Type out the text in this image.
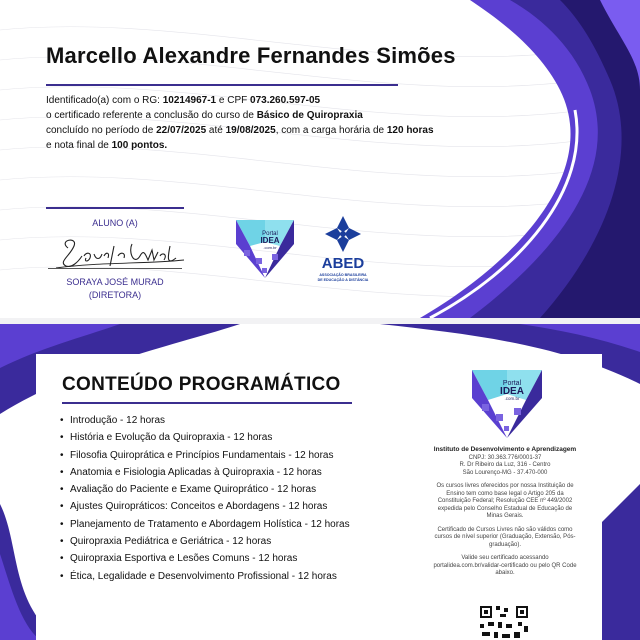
Marcello Alexandre Fernandes Simões
Identificado(a) com o RG: 10214967-1 e CPF 073.260.597-05
o certificado referente a conclusão do curso de Básico de Quiropraxia
concluído no período de 22/07/2025 até 19/08/2025, com a carga horária de 120 horas
e nota final de 100 pontos.
ALUNO (A)
SORAYA JOSÉ MURAD
(DIRETORA)
Portal
IDEA
.com.br
ABED
ASSOCIAÇÃO BRASILEIRA
DE EDUCAÇÃO A DISTÂNCIA
CONTEÚDO PROGRAMÁTICO
• Introdução - 12 horas
• História e Evolução da Quiropraxia - 12 horas
• Filosofia Quiroprática e Princípios Fundamentais - 12 horas
• Anatomia e Fisiologia Aplicadas à Quiropraxia - 12 horas
• Avaliação do Paciente e Exame Quiroprático - 12 horas
• Ajustes Quiropráticos: Conceitos e Abordagens - 12 horas
• Planejamento de Tratamento e Abordagem Holística - 12 horas
• Quiropraxia Pediátrica e Geriátrica - 12 horas
• Quiropraxia Esportiva e Lesões Comuns - 12 horas
• Ética, Legalidade e Desenvolvimento Profissional - 12 horas
Portal
IDEA
.com.br

Instituto de Desenvolvimento e Aprendizagem
CNPJ: 30.363.776/0001-37
R. Dr Ribeiro da Luz, 316 - Centro
São Lourenço-MG - 37.470-000

Os cursos livres oferecidos por nossa Instituição de Ensino tem como base legal o Artigo 205 da Constituição Federal; Resolução CEE nº 449/2002 expedida pelo Conselho Estadual de Educação de Minas Gerais.

Certificado de Cursos Livres não são válidos como cursos de nível superior (Graduação, Extensão, Pós-graduação).

Valide seu certificado acessando portalidea.com.br/validar-certificado ou pelo QR Code abaixo.
